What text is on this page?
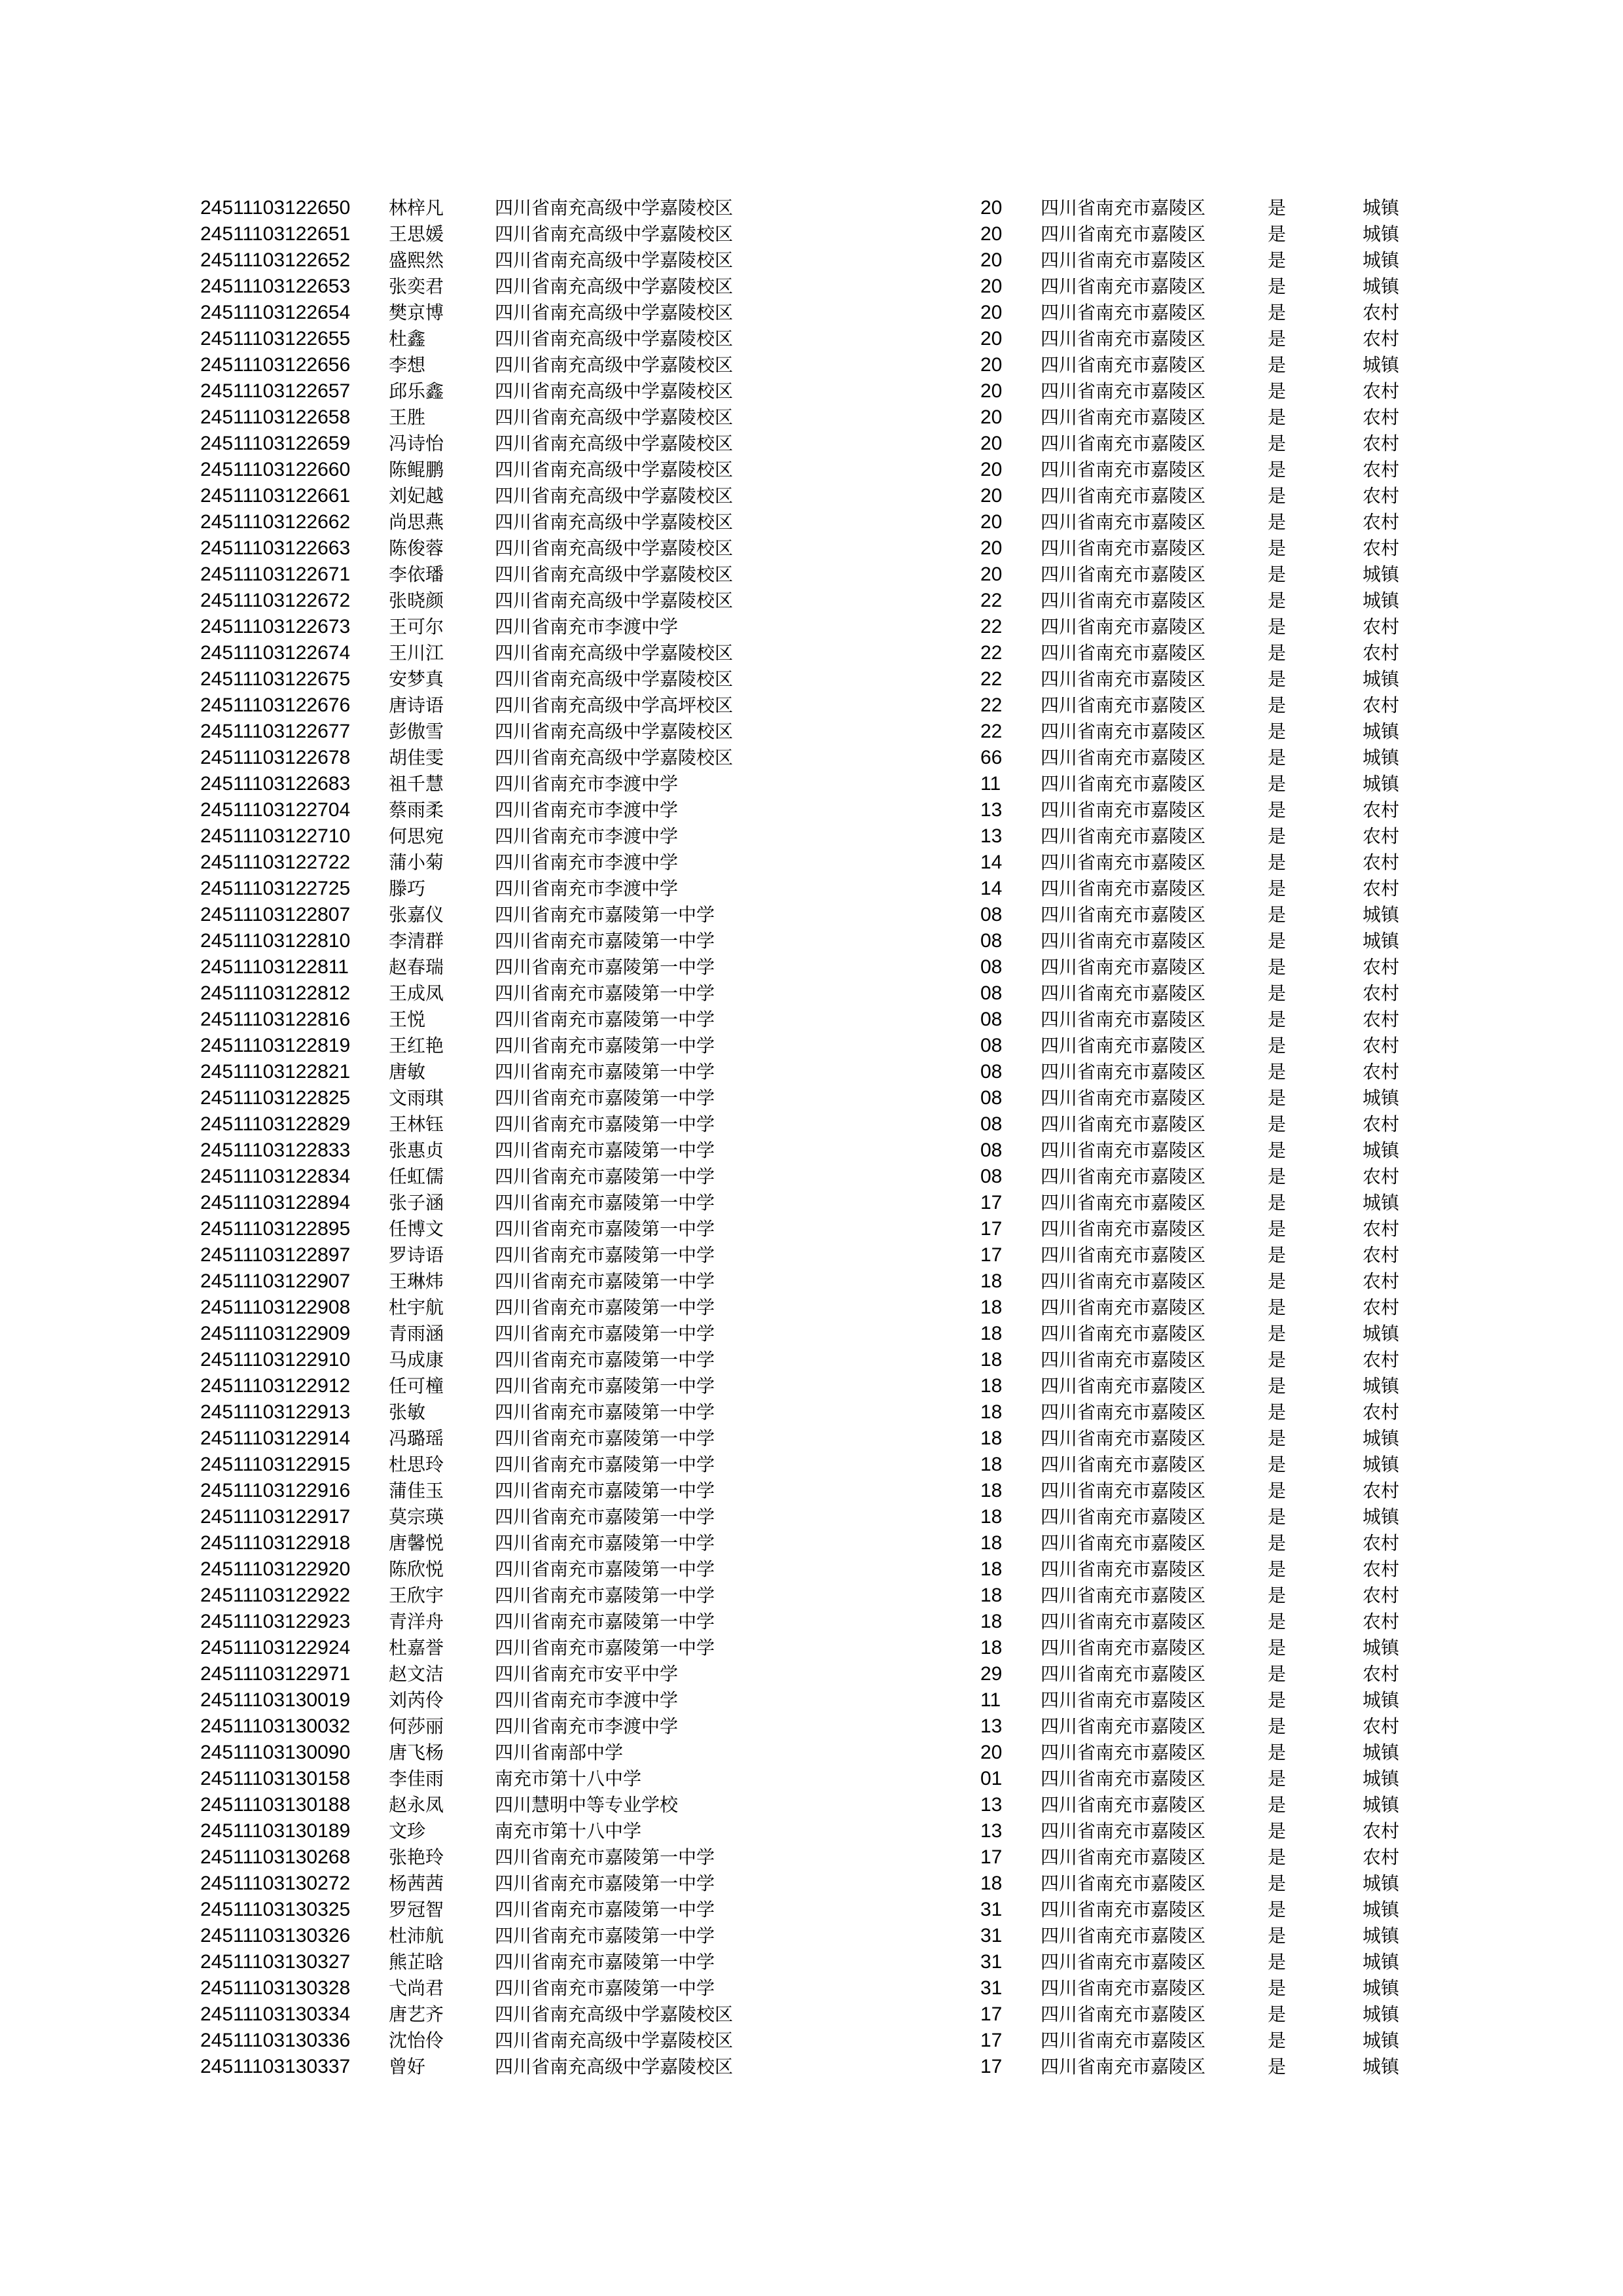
24511103122650 林梓凡	四川省南充高级中学嘉陵校区	20 四川省南充市嘉陵区	是	城镇
24511103122651 王思媛	四川省南充高级中学嘉陵校区	20 四川省南充市嘉陵区	是	城镇
24511103122652 盛熙然	四川省南充高级中学嘉陵校区	20 四川省南充市嘉陵区	是	城镇
24511103122653 张奕君	四川省南充高级中学嘉陵校区	20 四川省南充市嘉陵区	是	城镇
24511103122654 樊京博	四川省南充高级中学嘉陵校区	20 四川省南充市嘉陵区	是	农村
24511103122655 杜鑫	四川省南充高级中学嘉陵校区	20 四川省南充市嘉陵区	是	农村
24511103122656 李想	四川省南充高级中学嘉陵校区	20 四川省南充市嘉陵区	是	城镇
24511103122657 邱乐鑫	四川省南充高级中学嘉陵校区	20 四川省南充市嘉陵区	是	农村
24511103122658 王胜	四川省南充高级中学嘉陵校区	20 四川省南充市嘉陵区	是	农村
24511103122659 冯诗怡	四川省南充高级中学嘉陵校区	20 四川省南充市嘉陵区	是	农村
24511103122660 陈鲲鹏	四川省南充高级中学嘉陵校区	20 四川省南充市嘉陵区	是	农村
24511103122661 刘妃越	四川省南充高级中学嘉陵校区	20 四川省南充市嘉陵区	是	农村
24511103122662 尚思燕	四川省南充高级中学嘉陵校区	20 四川省南充市嘉陵区	是	农村
24511103122663 陈俊蓉	四川省南充高级中学嘉陵校区	20 四川省南充市嘉陵区	是	农村
24511103122671 李依璠	四川省南充高级中学嘉陵校区	20 四川省南充市嘉陵区	是	城镇
24511103122672 张晓颜	四川省南充高级中学嘉陵校区	22 四川省南充市嘉陵区	是	城镇
24511103122673 王可尔	四川省南充市李渡中学	22 四川省南充市嘉陵区	是	农村
24511103122674 王川江	四川省南充高级中学嘉陵校区	22 四川省南充市嘉陵区	是	农村
24511103122675 安梦真	四川省南充高级中学嘉陵校区	22 四川省南充市嘉陵区	是	城镇
24511103122676 唐诗语	四川省南充高级中学高坪校区	22 四川省南充市嘉陵区	是	农村
24511103122677 彭傲雪	四川省南充高级中学嘉陵校区	22 四川省南充市嘉陵区	是	城镇
24511103122678 胡佳雯	四川省南充高级中学嘉陵校区	66 四川省南充市嘉陵区	是	城镇
24511103122683 祖千慧	四川省南充市李渡中学	11 四川省南充市嘉陵区	是	城镇
24511103122704 蔡雨柔	四川省南充市李渡中学	13 四川省南充市嘉陵区	是	农村
24511103122710 何思宛	四川省南充市李渡中学	13 四川省南充市嘉陵区	是	农村
24511103122722 蒲小菊	四川省南充市李渡中学	14 四川省南充市嘉陵区	是	农村
24511103122725 滕巧	四川省南充市李渡中学	14 四川省南充市嘉陵区	是	农村
24511103122807 张嘉仪	四川省南充市嘉陵第一中学	08 四川省南充市嘉陵区	是	城镇
24511103122810 李清群	四川省南充市嘉陵第一中学	08 四川省南充市嘉陵区	是	城镇
24511103122811 赵春瑞	四川省南充市嘉陵第一中学	08 四川省南充市嘉陵区	是	农村
24511103122812 王成凤	四川省南充市嘉陵第一中学	08 四川省南充市嘉陵区	是	农村
24511103122816 王悦	四川省南充市嘉陵第一中学	08 四川省南充市嘉陵区	是	农村
24511103122819 王红艳	四川省南充市嘉陵第一中学	08 四川省南充市嘉陵区	是	农村
24511103122821 唐敏	四川省南充市嘉陵第一中学	08 四川省南充市嘉陵区	是	农村
24511103122825 文雨琪	四川省南充市嘉陵第一中学	08 四川省南充市嘉陵区	是	城镇
24511103122829 王林钰	四川省南充市嘉陵第一中学	08 四川省南充市嘉陵区	是	农村
24511103122833 张惠贞	四川省南充市嘉陵第一中学	08 四川省南充市嘉陵区	是	城镇
24511103122834 任虹儒	四川省南充市嘉陵第一中学	08 四川省南充市嘉陵区	是	农村
24511103122894 张子涵	四川省南充市嘉陵第一中学	17 四川省南充市嘉陵区	是	城镇
24511103122895 任博文	四川省南充市嘉陵第一中学	17 四川省南充市嘉陵区	是	农村
24511103122897 罗诗语	四川省南充市嘉陵第一中学	17 四川省南充市嘉陵区	是	农村
24511103122907 王琳炜	四川省南充市嘉陵第一中学	18 四川省南充市嘉陵区	是	农村
24511103122908 杜宇航	四川省南充市嘉陵第一中学	18 四川省南充市嘉陵区	是	农村
24511103122909 青雨涵	四川省南充市嘉陵第一中学	18 四川省南充市嘉陵区	是	城镇
24511103122910 马成康	四川省南充市嘉陵第一中学	18 四川省南充市嘉陵区	是	农村
24511103122912 任可橦	四川省南充市嘉陵第一中学	18 四川省南充市嘉陵区	是	城镇
24511103122913 张敏	四川省南充市嘉陵第一中学	18 四川省南充市嘉陵区	是	农村
24511103122914 冯璐瑶	四川省南充市嘉陵第一中学	18 四川省南充市嘉陵区	是	城镇
24511103122915 杜思玲	四川省南充市嘉陵第一中学	18 四川省南充市嘉陵区	是	城镇
24511103122916 蒲佳玉	四川省南充市嘉陵第一中学	18 四川省南充市嘉陵区	是	农村
24511103122917 莫宗瑛	四川省南充市嘉陵第一中学	18 四川省南充市嘉陵区	是	城镇
24511103122918 唐馨悦	四川省南充市嘉陵第一中学	18 四川省南充市嘉陵区	是	农村
24511103122920 陈欣悦	四川省南充市嘉陵第一中学	18 四川省南充市嘉陵区	是	农村
24511103122922 王欣宇	四川省南充市嘉陵第一中学	18 四川省南充市嘉陵区	是	农村
24511103122923 青洋舟	四川省南充市嘉陵第一中学	18 四川省南充市嘉陵区	是	农村
24511103122924 杜嘉誉	四川省南充市嘉陵第一中学	18 四川省南充市嘉陵区	是	城镇
24511103122971 赵文洁	四川省南充市安平中学	29 四川省南充市嘉陵区	是	农村
24511103130019 刘芮伶	四川省南充市李渡中学	11 四川省南充市嘉陵区	是	城镇
24511103130032 何莎丽	四川省南充市李渡中学	13 四川省南充市嘉陵区	是	农村
24511103130090 唐飞杨	四川省南部中学	20 四川省南充市嘉陵区	是	城镇
24511103130158 李佳雨	南充市第十八中学	01 四川省南充市嘉陵区	是	城镇
24511103130188 赵永凤	四川慧明中等专业学校	13 四川省南充市嘉陵区	是	城镇
24511103130189 文珍	南充市第十八中学	13 四川省南充市嘉陵区	是	农村
24511103130268 张艳玲	四川省南充市嘉陵第一中学	17 四川省南充市嘉陵区	是	农村
24511103130272 杨茜茜	四川省南充市嘉陵第一中学	18 四川省南充市嘉陵区	是	城镇
24511103130325 罗冠智	四川省南充市嘉陵第一中学	31 四川省南充市嘉陵区	是	城镇
24511103130326 杜沛航	四川省南充市嘉陵第一中学	31 四川省南充市嘉陵区	是	城镇
24511103130327 熊芷晗	四川省南充市嘉陵第一中学	31 四川省南充市嘉陵区	是	城镇
24511103130328 弋尚君	四川省南充市嘉陵第一中学	31 四川省南充市嘉陵区	是	城镇
24511103130334 唐艺齐	四川省南充高级中学嘉陵校区	17 四川省南充市嘉陵区	是	城镇
24511103130336 沈怡伶	四川省南充高级中学嘉陵校区	17 四川省南充市嘉陵区	是	城镇
24511103130337 曾好	四川省南充高级中学嘉陵校区	17 四川省南充市嘉陵区	是	城镇
